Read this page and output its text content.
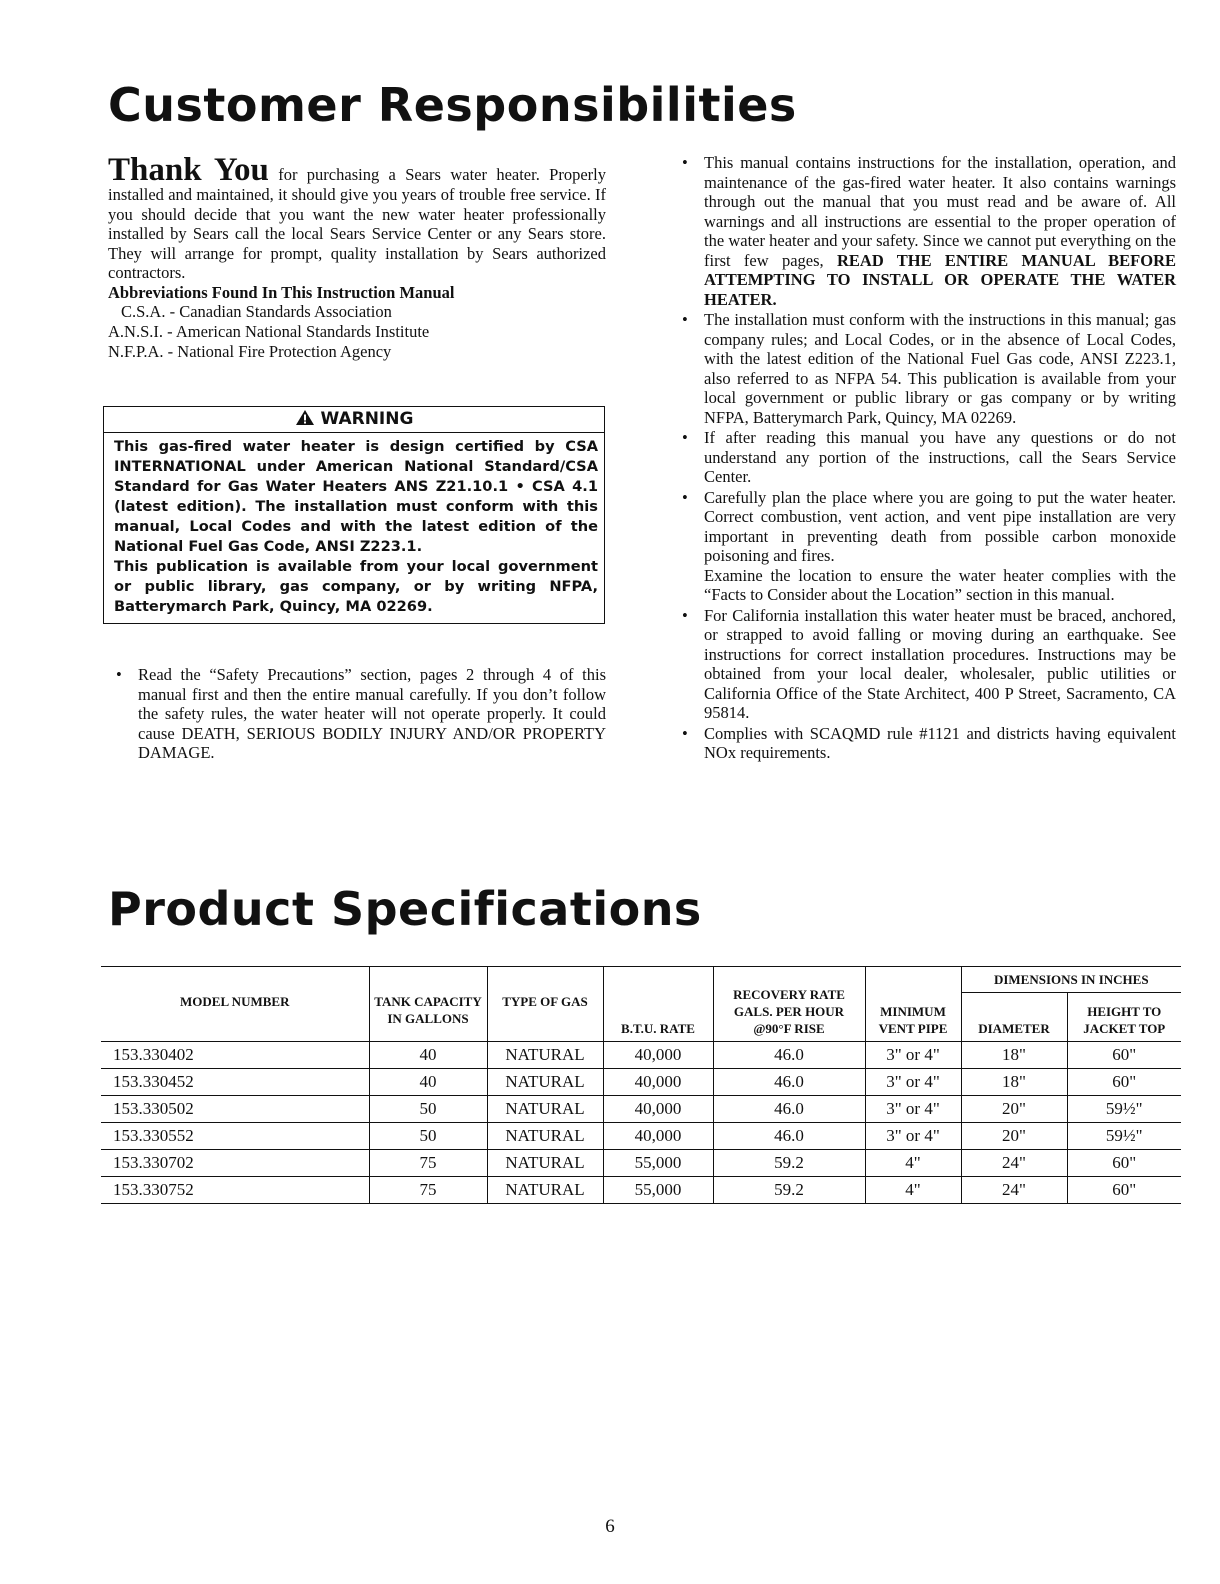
Customer Responsibilities

Thank You for purchasing a Sears water heater. Properly installed and maintained, it should give you years of trouble free service. If you should decide that you want the new water heater professionally installed by Sears call the local Sears Service Center or any Sears store. They will arrange for prompt, quality installation by Sears authorized contractors.

Abbreviations Found In This Instruction Manual
C.S.A. - Canadian Standards Association
A.N.S.I. - American National Standards Institute
N.F.P.A. - National Fire Protection Agency
WARNING

This gas-fired water heater is design certified by CSA INTERNATIONAL under American National Standard/CSA Standard for Gas Water Heaters ANS Z21.10.1 • CSA 4.1 (latest edition). The installation must conform with this manual, Local Codes and with the latest edition of the National Fuel Gas Code, ANSI Z223.1.

This publication is available from your local government or public library, gas company, or by writing NFPA, Batterymarch Park, Quincy, MA 02269.

• Read the “Safety Precautions” section, pages 2 through 4 of this manual first and then the entire manual carefully. If you don’t follow the safety rules, the water heater will not operate properly. It could cause DEATH, SERIOUS BODILY INJURY AND/OR PROPERTY DAMAGE.
• This manual contains instructions for the installation, operation, and maintenance of the gas-fired water heater. It also contains warnings through out the manual that you must read and be aware of. All warnings and all instructions are essential to the proper operation of the water heater and your safety. Since we cannot put everything on the first few pages, READ THE ENTIRE MANUAL BEFORE ATTEMPTING TO INSTALL OR OPERATE THE WATER HEATER.
• The installation must conform with the instructions in this manual; gas company rules; and Local Codes, or in the absence of Local Codes, with the latest edition of the National Fuel Gas code, ANSI Z223.1, also referred to as NFPA 54. This publication is available from your local government or public library or gas company or by writing NFPA, Batterymarch Park, Quincy, MA 02269.
• If after reading this manual you have any questions or do not understand any portion of the instructions, call the Sears Service Center.
• Carefully plan the place where you are going to put the water heater. Correct combustion, vent action, and vent pipe installation are very important in preventing death from possible carbon monoxide poisoning and fires.
Examine the location to ensure the water heater complies with the “Facts to Consider about the Location” section in this manual.
• For California installation this water heater must be braced, anchored, or strapped to avoid falling or moving during an earthquake. See instructions for correct installation procedures. Instructions may be obtained from your local dealer, wholesaler, public utilities or California Office of the State Architect, 400 P Street, Sacramento, CA 95814.
• Complies with SCAQMD rule #1121 and districts having equivalent NOx requirements.
Product Specifications
MODEL NUMBER	TANK CAPACITY IN GALLONS	TYPE OF GAS	B.T.U. RATE	RECOVERY RATE GALS. PER HOUR @90°F RISE	MINIMUM VENT PIPE	DIMENSIONS IN INCHES	
						DIAMETER	HEIGHT TO JACKET TOP
153.330402	40	NATURAL	40,000	46.0	3" or 4"	18"	60"
153.330452	40	NATURAL	40,000	46.0	3" or 4"	18"	60"
153.330502	50	NATURAL	40,000	46.0	3" or 4"	20"	59½"
153.330552	50	NATURAL	40,000	46.0	3" or 4"	20"	59½"
153.330702	75	NATURAL	55,000	59.2	4"	24"	60"
153.330752	75	NATURAL	55,000	59.2	4"	24"	60"
6
